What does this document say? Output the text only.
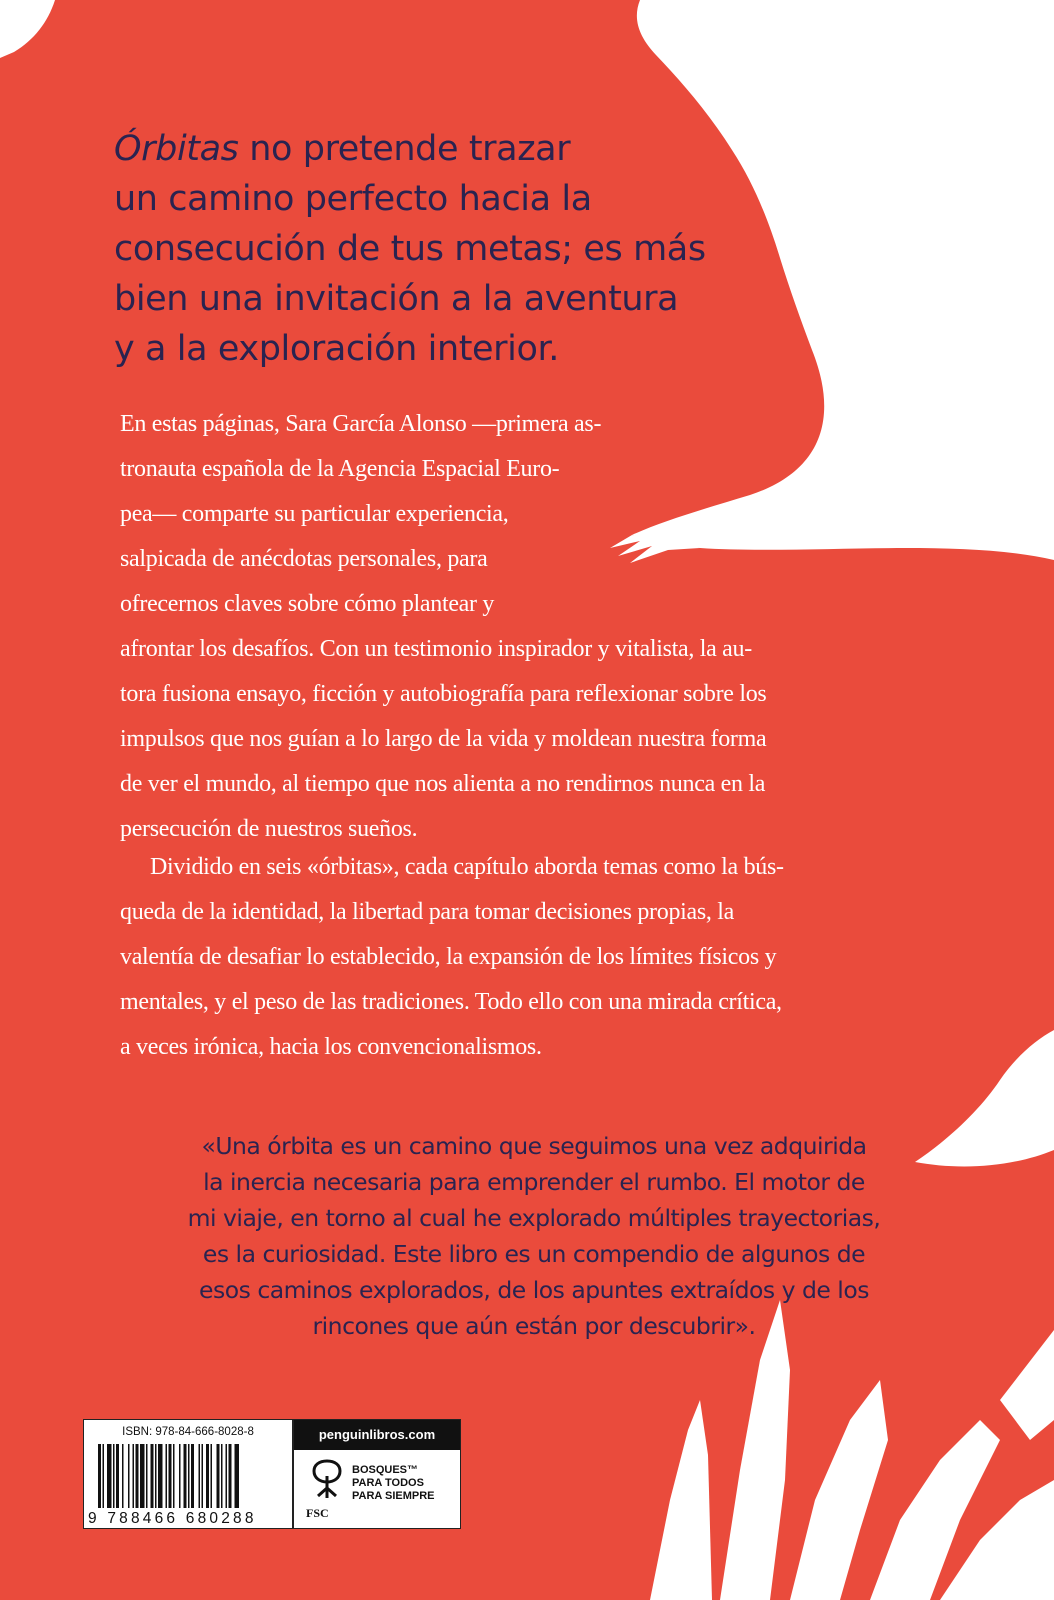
Órbitas no pretende trazar
un camino perfecto hacia la
consecución de tus metas; es más
bien una invitación a la aventura
y a la exploración interior.
En estas páginas, Sara García Alonso —primera as-
tronauta española de la Agencia Espacial Euro-
pea— comparte su particular experiencia,
salpicada de anécdotas personales, para
ofrecernos claves sobre cómo plantear y
afrontar los desafíos. Con un testimonio inspirador y vitalista, la au-
tora fusiona ensayo, ficción y autobiografía para reflexionar sobre los
impulsos que nos guían a lo largo de la vida y moldean nuestra forma
de ver el mundo, al tiempo que nos alienta a no rendirnos nunca en la
persecución de nuestros sueños.
Dividido en seis «órbitas», cada capítulo aborda temas como la bús-
queda de la identidad, la libertad para tomar decisiones propias, la
valentía de desafiar lo establecido, la expansión de los límites físicos y
mentales, y el peso de las tradiciones. Todo ello con una mirada crítica,
a veces irónica, hacia los convencionalismos.
«Una órbita es un camino que seguimos una vez adquirida
la inercia necesaria para emprender el rumbo. El motor de
mi viaje, en torno al cual he explorado múltiples trayectorias,
es la curiosidad. Este libro es un compendio de algunos de
esos caminos explorados, de los apuntes extraídos y de los
rincones que aún están por descubrir».
ISBN: 978-84-666-8028-8
9 788466 680288
penguinlibros.com
FSC
BOSQUES™
PARA TODOS
PARA SIEMPRE
